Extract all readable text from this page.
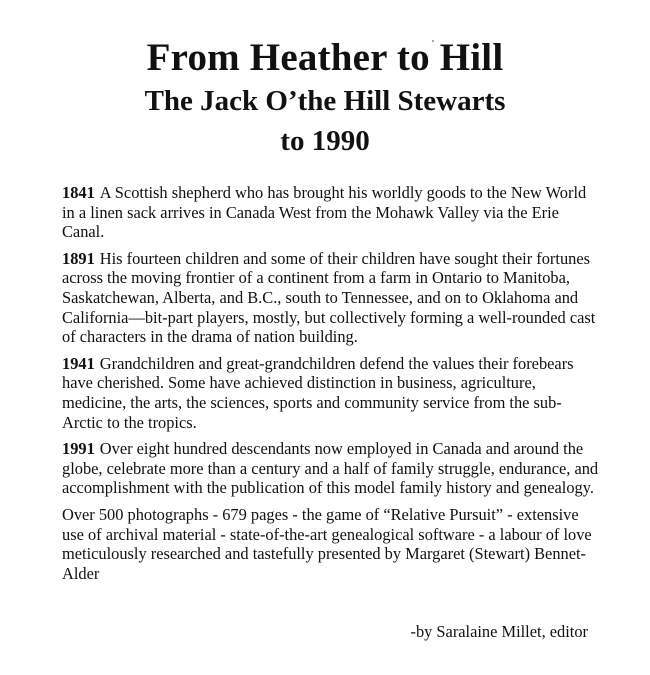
From Heather to Hill
The Jack O’the Hill Stewarts
to 1990

1841 A Scottish shepherd who has brought his worldly goods to the New World in a linen sack arrives in Canada West from the Mohawk Valley via the Erie Canal.

1891 His fourteen children and some of their children have sought their fortunes across the moving frontier of a continent from a farm in Ontario to Manitoba, Saskatchewan, Alberta, and B.C., south to Tennessee, and on to Oklahoma and California—bit-part players, mostly, but collectively forming a well-rounded cast of characters in the drama of nation building.

1941 Grandchildren and great-grandchildren defend the values their forebears have cherished. Some have achieved distinction in business, agriculture, medicine, the arts, the sciences, sports and community service from the sub-Arctic to the tropics.

1991 Over eight hundred descendants now employed in Canada and around the globe, celebrate more than a century and a half of family struggle, endurance, and accomplishment with the publication of this model family history and genealogy.

Over 500 photographs - 679 pages - the game of “Relative Pursuit” - extensive use of archival material - state-of-the-art genealogical software - a labour of love meticulously researched and tastefully presented by Margaret (Stewart) Bennet-Alder

-by Saralaine Millet, editor
